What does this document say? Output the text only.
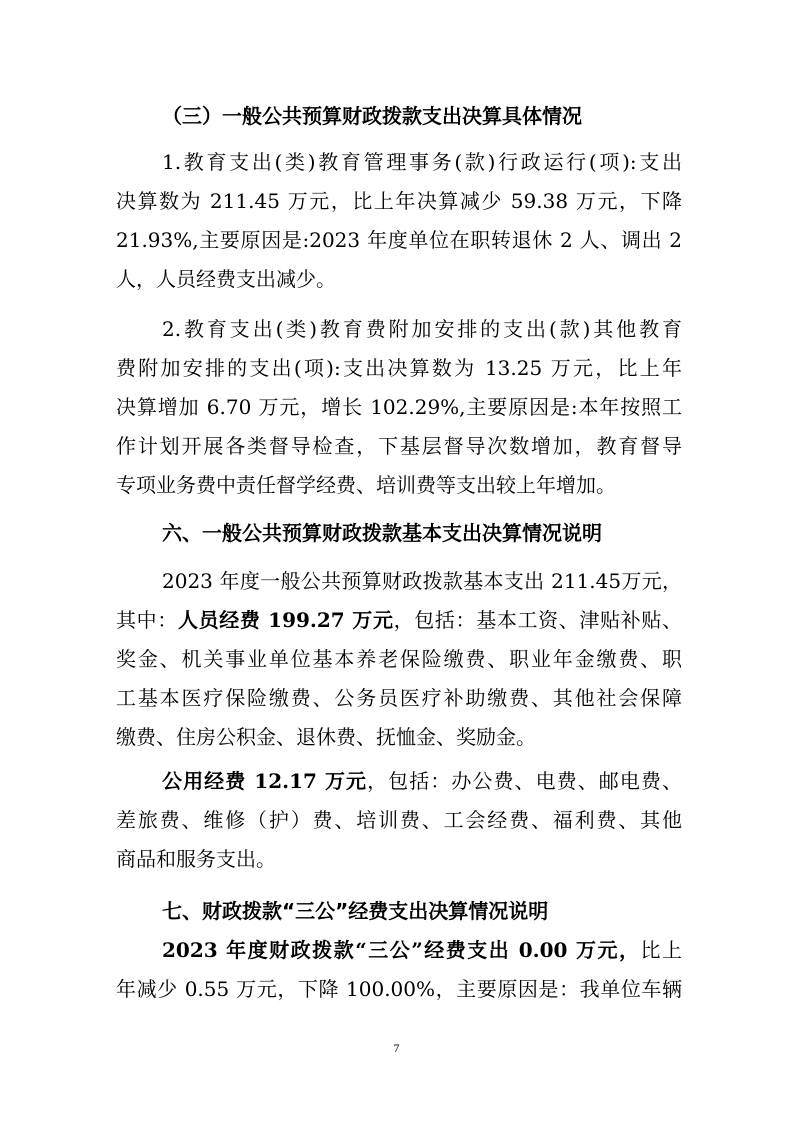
（三）一般公共预算财政拨款支出决算具体情况
1.教育支出(类)教育管理事务(款)行政运行(项):支出
决算数为 211.45 万元，比上年决算减少 59.38 万元，下降
21.93%,主要原因是:2023 年度单位在职转退休 2 人、调出 2
人，人员经费支出减少。
2.教育支出(类)教育费附加安排的支出(款)其他教育
费附加安排的支出(项):支出决算数为 13.25 万元，比上年
决算增加 6.70 万元，增长 102.29%,主要原因是:本年按照工
作计划开展各类督导检查，下基层督导次数增加，教育督导
专项业务费中责任督学经费、培训费等支出较上年增加。
六、一般公共预算财政拨款基本支出决算情况说明
2023 年度一般公共预算财政拨款基本支出 211.45万元，
其中：人员经费 199.27 万元，包括：基本工资、津贴补贴、
奖金、机关事业单位基本养老保险缴费、职业年金缴费、职
工基本医疗保险缴费、公务员医疗补助缴费、其他社会保障
缴费、住房公积金、退休费、抚恤金、奖励金。
公用经费 12.17 万元，包括：办公费、电费、邮电费、
差旅费、维修（护）费、培训费、工会经费、福利费、其他
商品和服务支出。
七、财政拨款“三公”经费支出决算情况说明
2023 年度财政拨款“三公”经费支出 0.00 万元，比上
年减少 0.55 万元，下降 100.00%，主要原因是：我单位车辆
7
